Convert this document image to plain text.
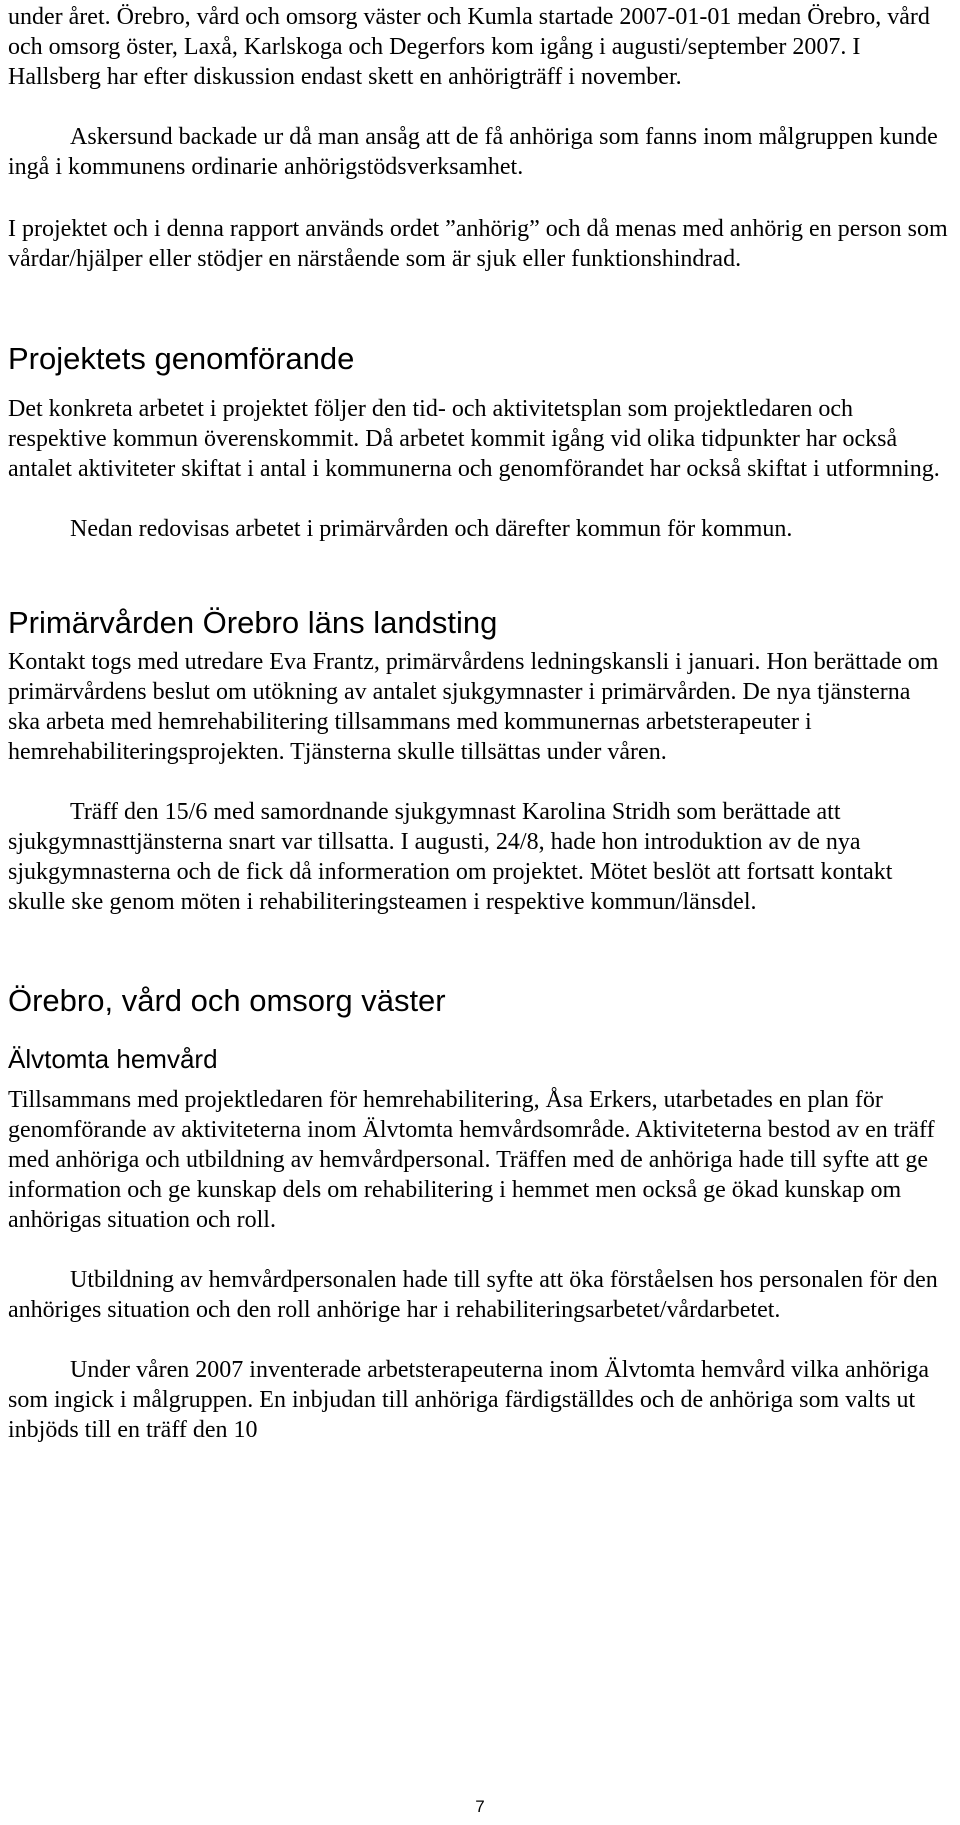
under året. Örebro, vård och omsorg väster och Kumla startade 2007-01-01 medan Örebro, vård och omsorg öster, Laxå, Karlskoga och Degerfors kom igång i augusti/september 2007. I Hallsberg har efter diskussion endast skett en anhörigträff i november.

Askersund backade ur då man ansåg att de få anhöriga som fanns inom målgruppen kunde ingå i kommunens ordinarie anhörigstödsverksamhet.

I projektet och i denna rapport används ordet ”anhörig” och då menas med anhörig en person som vårdar/hjälper eller stödjer en närstående som är sjuk eller funktionshindrad.

Projektets genomförande

Det konkreta arbetet i projektet följer den tid- och aktivitetsplan som projektledaren och respektive kommun överenskommit. Då arbetet kommit igång vid olika tidpunkter har också antalet aktiviteter skiftat i antal i kommunerna och genomförandet har också skiftat i utformning.

Nedan redovisas arbetet i primärvården och därefter kommun för kommun.

Primärvården Örebro läns landsting

Kontakt togs med utredare Eva Frantz, primärvårdens ledningskansli i januari. Hon berättade om primärvårdens beslut om utökning av antalet sjukgymnaster i primärvården. De nya tjänsterna ska arbeta med hemrehabilitering tillsammans med kommunernas arbetsterapeuter i hemrehabiliteringsprojekten. Tjänsterna skulle tillsättas under våren.

Träff den 15/6 med samordnande sjukgymnast Karolina Stridh som berättade att sjukgymnasttjänsterna snart var tillsatta. I augusti, 24/8, hade hon introduktion av de nya sjukgymnasterna och de fick då informeration om projektet. Mötet beslöt att fortsatt kontakt skulle ske genom möten i rehabiliteringsteamen i respektive kommun/länsdel.

Örebro, vård och omsorg väster
Älvtomta hemvård

Tillsammans med projektledaren för hemrehabilitering, Åsa Erkers, utarbetades en plan för genomförande av aktiviteterna inom Älvtomta hemvårdsområde. Aktiviteterna bestod av en träff med anhöriga och utbildning av hemvårdpersonal. Träffen med de anhöriga hade till syfte att ge information och ge kunskap dels om rehabilitering i hemmet men också ge ökad kunskap om anhörigas situation och roll.

Utbildning av hemvårdpersonalen hade till syfte att öka förståelsen hos personalen för den anhöriges situation och den roll anhörige har i rehabiliteringsarbetet/vårdarbetet.

Under våren 2007 inventerade arbetsterapeuterna inom Älvtomta hemvård vilka anhöriga som ingick i målgruppen. En inbjudan till anhöriga färdigställdes och de anhöriga som valts ut inbjöds till en träff den 10

7
